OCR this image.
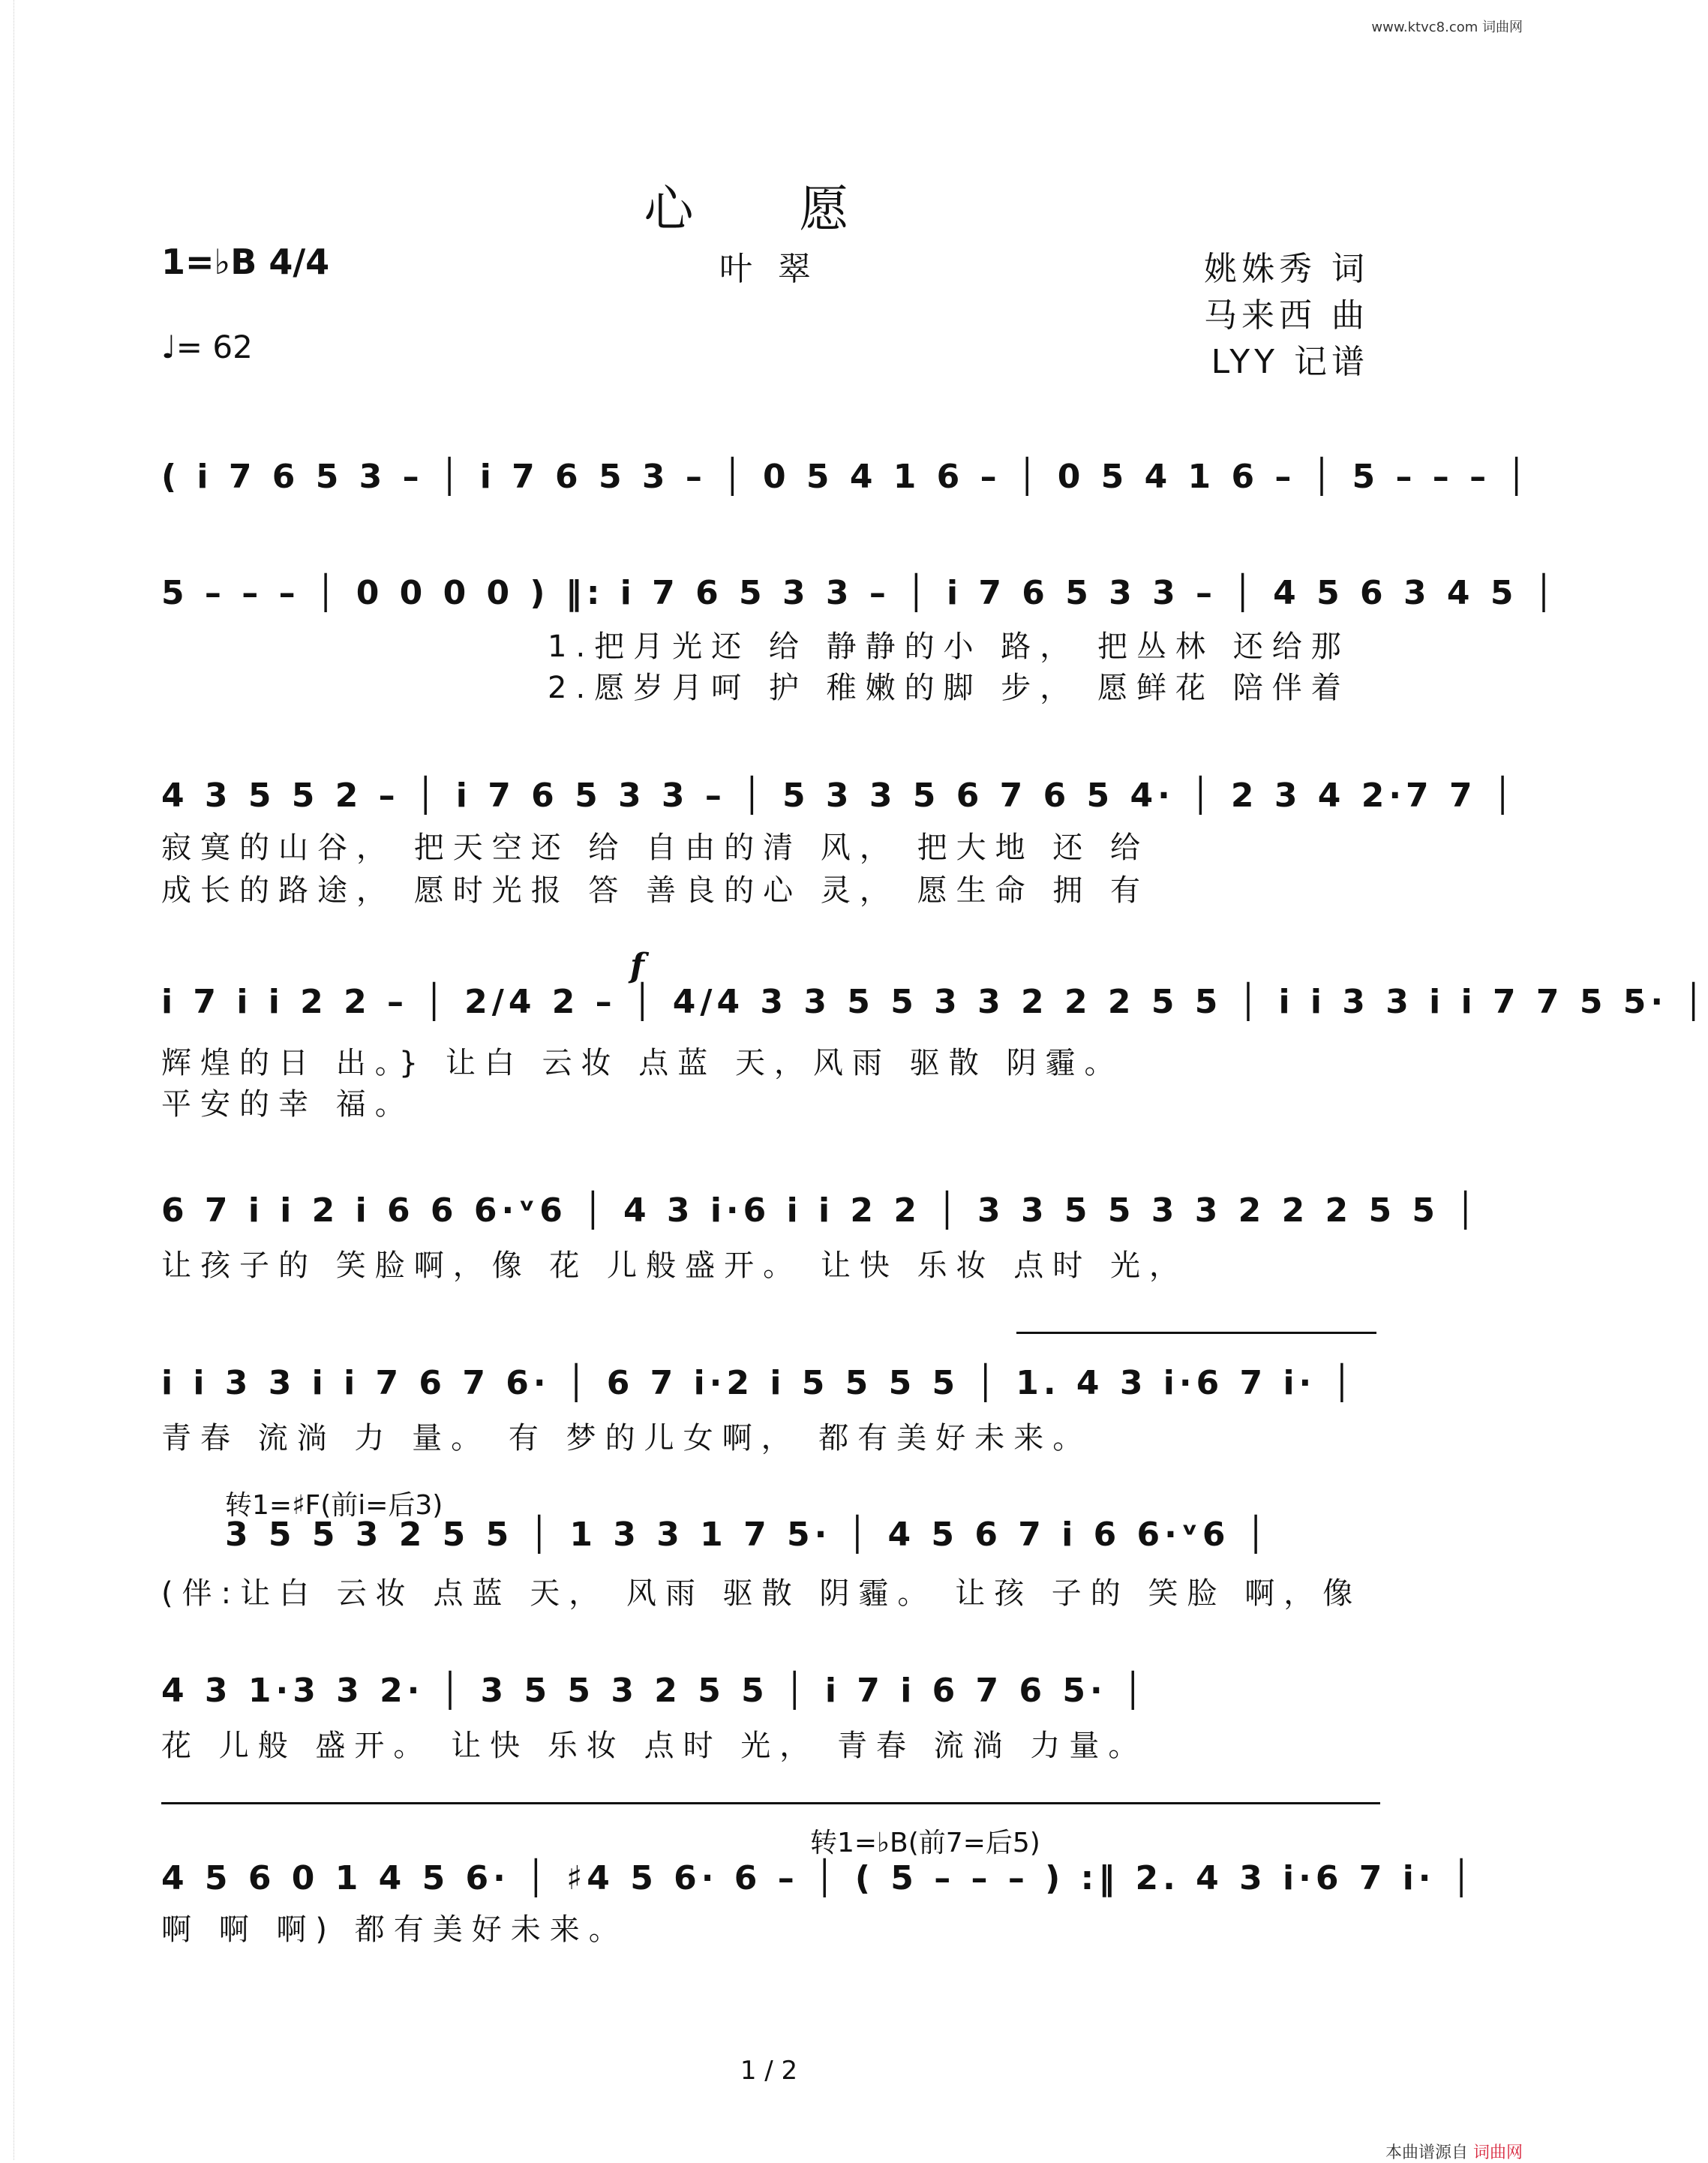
www.ktvc8.com 词曲网
心 愿
叶 翠	姚姝秀 词
马来西 曲
LYY 记谱
1=♭B 4/4
♩= 62
( i 7 6 5 3 – │ i 7 6 5 3 – │ 0 5 4 1 6 – │ 0 5 4 1 6 – │ 5 – – – │
5 – – – │ 0 0 0 0 ) ‖: i 7 6 5 3 3 – │ i 7 6 5 3 3 – │ 4 5 6 3 4 5 │
1.把月光还 给 静静的小 路， 把丛林 还给那
2.愿岁月呵 护 稚嫩的脚 步， 愿鲜花 陪伴着
4 3 5 5 2 – │ i 7 6 5 3 3 – │ 5 3 3 5 6 7 6 5 4· │ 2 3 4 2·7 7 │
寂寞的山谷， 把天空还 给 自由的清 风， 把大地 还 给
成长的路途， 愿时光报 答 善良的心 灵， 愿生命 拥 有
f
i 7 i i 2 2 – │ 2/4 2 – │ 4/4 3 3 5 5 3 3 2 2 2 5 5 │ i i 3 3 i i 7 7 5 5· │
辉煌的日 出。} 让白 云妆 点蓝 天，风雨 驱散 阴霾。
平安的幸 福。
6 7 i i 2 i 6 6 6·ᵛ6 │ 4 3 i·6 i i 2 2 │ 3 3 5 5 3 3 2 2 2 5 5 │
让孩子的 笑脸啊，像 花 儿般盛开。 让快 乐妆 点时 光，
i i 3 3 i i 7 6 7 6· │ 6 7 i·2 i 5 5 5 5 │ 1. 4 3 i·6 7 i· │
青春 流淌 力 量。 有 梦的儿女啊， 都有美好未来。
转1=♯F(前i=后3)
3 5 5 3 2 5 5 │ 1 3 3 1 7 5· │ 4 5 6 7 i 6 6·ᵛ6 │
(伴:让白 云妆 点蓝 天， 风雨 驱散 阴霾。 让孩 子的 笑脸 啊，像
4 3 1·3 3 2· │ 3 5 5 3 2 5 5 │ i 7 i 6 7 6 5· │
花 儿般 盛开。 让快 乐妆 点时 光， 青春 流淌 力量。
转1=♭B(前7=后5)
4 5 6 0 1 4 5 6· │ ♯4 5 6· 6 – │ ( 5 – – – ) :‖ 2. 4 3 i·6 7 i· │
啊 啊 啊) 都有美好未来。
1 / 2
本曲谱源自 词曲网
